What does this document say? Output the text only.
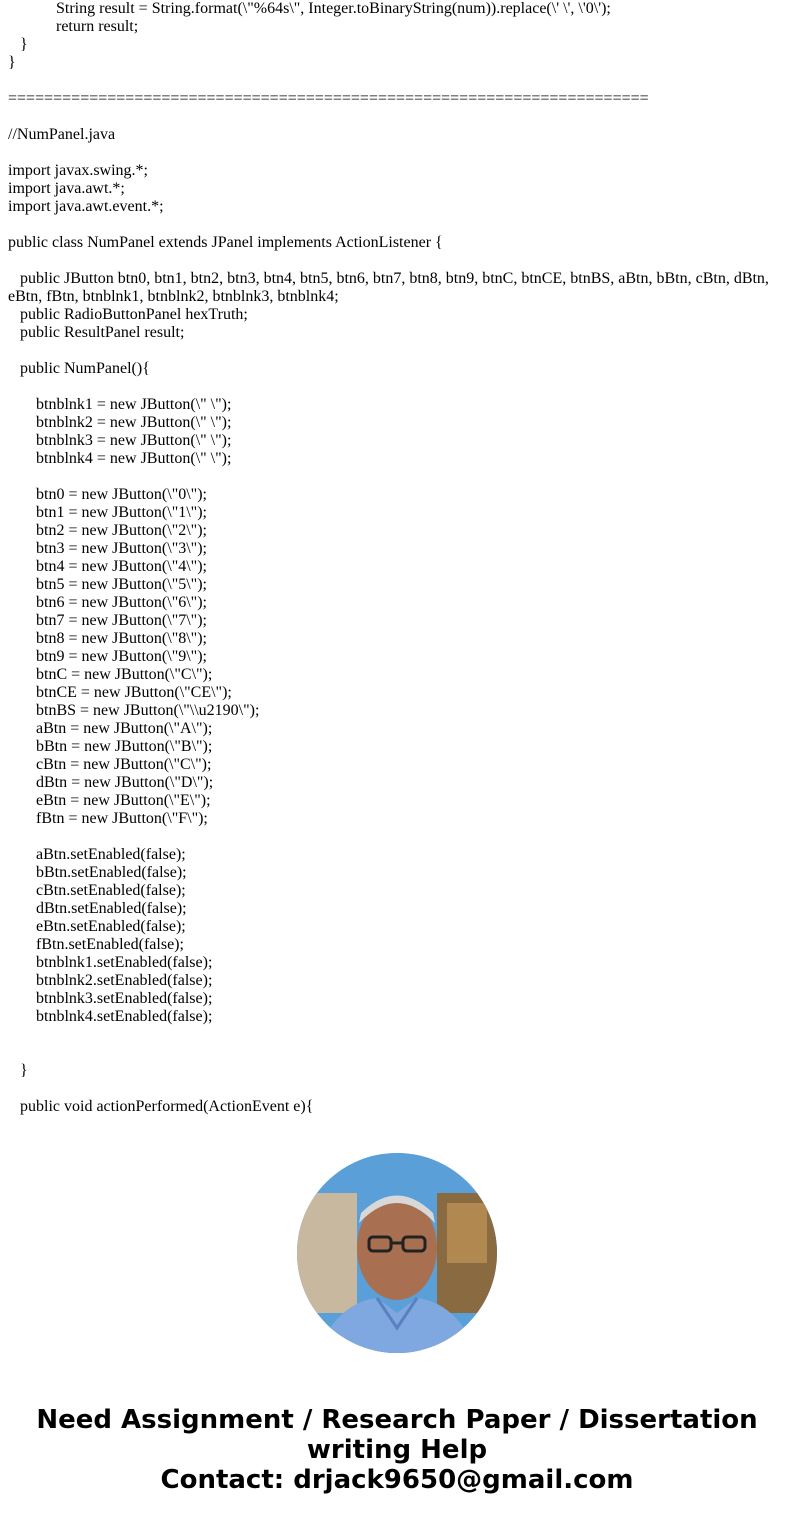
String result = String.format(\"%64s\", Integer.toBinaryString(num)).replace(\' \', \'0\');
return result;
}
}
=======================================================================
//NumPanel.java
import javax.swing.*;
import java.awt.*;
import java.awt.event.*;
public class NumPanel extends JPanel implements ActionListener {
public JButton btn0, btn1, btn2, btn3, btn4, btn5, btn6, btn7, btn8, btn9, btnC, btnCE, btnBS, aBtn, bBtn, cBtn, dBtn, eBtn, fBtn, btnblnk1, btnblnk2, btnblnk3, btnblnk4;
public RadioButtonPanel hexTruth;
public ResultPanel result;
public NumPanel(){
btnblnk1 = new JButton(\" \");
btnblnk2 = new JButton(\" \");
btnblnk3 = new JButton(\" \");
btnblnk4 = new JButton(\" \");
btn0 = new JButton(\"0\");
btn1 = new JButton(\"1\");
btn2 = new JButton(\"2\");
btn3 = new JButton(\"3\");
btn4 = new JButton(\"4\");
btn5 = new JButton(\"5\");
btn6 = new JButton(\"6\");
btn7 = new JButton(\"7\");
btn8 = new JButton(\"8\");
btn9 = new JButton(\"9\");
btnC = new JButton(\"C\");
btnCE = new JButton(\"CE\");
btnBS = new JButton(\"\\u2190\");
aBtn = new JButton(\"A\");
bBtn = new JButton(\"B\");
cBtn = new JButton(\"C\");
dBtn = new JButton(\"D\");
eBtn = new JButton(\"E\");
fBtn = new JButton(\"F\");
aBtn.setEnabled(false);
bBtn.setEnabled(false);
cBtn.setEnabled(false);
dBtn.setEnabled(false);
eBtn.setEnabled(false);
fBtn.setEnabled(false);
btnblnk1.setEnabled(false);
btnblnk2.setEnabled(false);
btnblnk3.setEnabled(false);
btnblnk4.setEnabled(false);
}
public void actionPerformed(ActionEvent e){
Need Assignment / Research Paper / Dissertation
writing Help
Contact: drjack9650@gmail.com
